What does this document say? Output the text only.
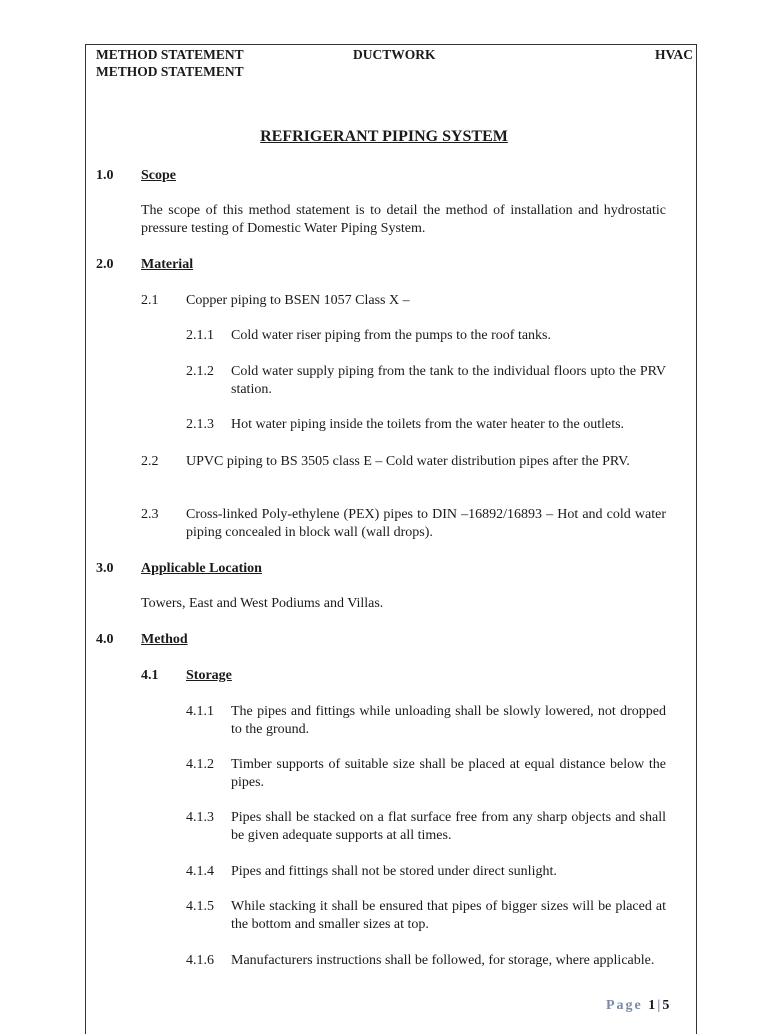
METHOD STATEMENT	DUCTWORK	HVAC
METHOD STATEMENT
REFRIGERANT PIPING SYSTEM
1.0 Scope
The scope of this method statement is to detail the method of installation and hydrostatic pressure testing of Domestic Water Piping System.
2.0 Material
2.1 Copper piping to BSEN 1057 Class X –
2.1.1 Cold water riser piping from the pumps to the roof tanks.
2.1.2 Cold water supply piping from the tank to the individual floors upto the PRV station.
2.1.3 Hot water piping inside the toilets from the water heater to the outlets.
2.2 UPVC piping to BS 3505 class E – Cold water distribution pipes after the PRV.
2.3 Cross-linked Poly-ethylene (PEX) pipes to DIN –16892/16893 – Hot and cold water piping concealed in block wall (wall drops).
3.0 Applicable Location
Towers, East and West Podiums and Villas.
4.0 Method
4.1 Storage
4.1.1 The pipes and fittings while unloading shall be slowly lowered, not dropped to the ground.
4.1.2 Timber supports of suitable size shall be placed at equal distance below the pipes.
4.1.3 Pipes shall be stacked on a flat surface free from any sharp objects and shall be given adequate supports at all times.
4.1.4 Pipes and fittings shall not be stored under direct sunlight.
4.1.5 While stacking it shall be ensured that pipes of bigger sizes will be placed at the bottom and smaller sizes at top.
4.1.6 Manufacturers instructions shall be followed, for storage, where applicable.
Page 1|5
